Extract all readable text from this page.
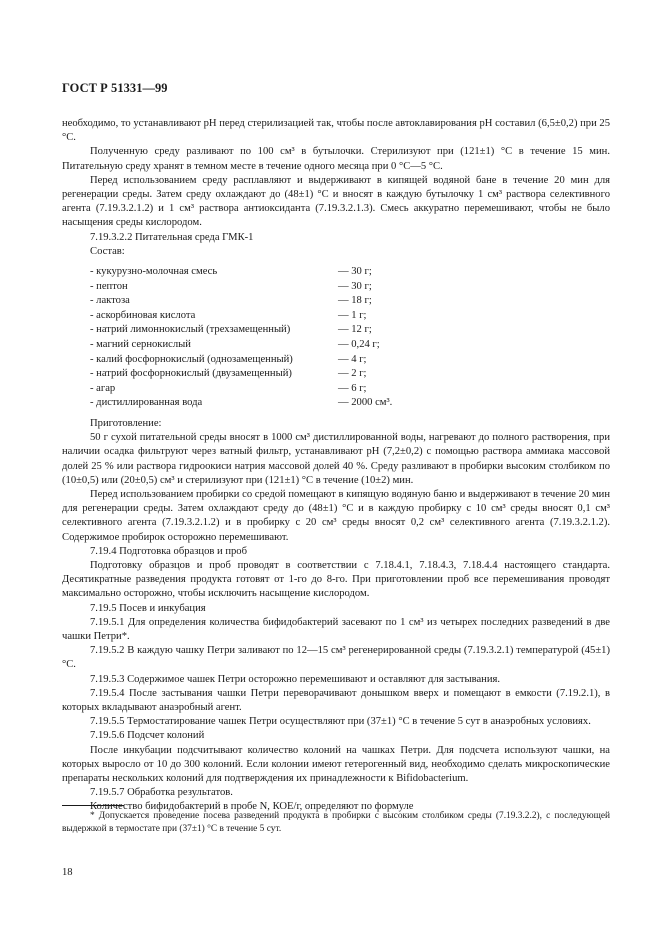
ГОСТ Р 51331—99

необходимо, то устанавливают pH перед стерилизацией так, чтобы после автоклавирования pH составил (6,5±0,2) при 25 °С.

Полученную среду разливают по 100 см³ в бутылочки. Стерилизуют при (121±1) °С в течение 15 мин. Питательную среду хранят в темном месте в течение одного месяца при 0 °С—5 °С.

Перед использованием среду расплавляют и выдерживают в кипящей водяной бане в течение 20 мин для регенерации среды. Затем среду охлаждают до (48±1) °С и вносят в каждую бутылочку 1 см³ раствора селективного агента (7.19.3.2.1.2) и 1 см³ раствора антиоксиданта (7.19.3.2.1.3). Смесь аккуратно перемешивают, чтобы не было насыщения среды кислородом.

7.19.3.2.2 Питательная среда ГМК-1

Состав:

- кукурузно-молочная смесь	— 30 г;
- пептон	— 30 г;
- лактоза	— 18 г;
- аскорбиновая кислота	— 1 г;
- натрий лимоннокислый (трехзамещенный)	— 12 г;
- магний сернокислый	— 0,24 г;
- калий фосфорнокислый (однозамещенный)	— 4 г;
- натрий фосфорнокислый (двузамещенный)	— 2 г;
- агар	— 6 г;
- дистиллированная вода	— 2000 см³.

Приготовление:

50 г сухой питательной среды вносят в 1000 см³ дистиллированной воды, нагревают до полного растворения, при наличии осадка фильтруют через ватный фильтр, устанавливают pH (7,2±0,2) с помощью раствора аммиака массовой долей 25 % или раствора гидроокиси натрия массовой долей 40 %. Среду разливают в пробирки высоким столбиком по (10±0,5) или (20±0,5) см³ и стерилизуют при (121±1) °С в течение (10±2) мин.

Перед использованием пробирки со средой помещают в кипящую водяную баню и выдерживают в течение 20 мин для регенерации среды. Затем охлаждают среду до (48±1) °С и в каждую пробирку с 10 см³ среды вносят 0,1 см³ селективного агента (7.19.3.2.1.2) и в пробирку с 20 см³ среды вносят 0,2 см³ селективного агента (7.19.3.2.1.2). Содержимое пробирок осторожно перемешивают.

7.19.4 Подготовка образцов и проб

Подготовку образцов и проб проводят в соответствии с 7.18.4.1, 7.18.4.3, 7.18.4.4 настоящего стандарта. Десятикратные разведения продукта готовят от 1-го до 8-го. При приготовлении проб все перемешивания проводят максимально осторожно, чтобы исключить насыщение кислородом.

7.19.5 Посев и инкубация

7.19.5.1 Для определения количества бифидобактерий засевают по 1 см³ из четырех последних разведений в две чашки Петри*.

7.19.5.2 В каждую чашку Петри заливают по 12—15 см³ регенерированной среды (7.19.3.2.1) температурой (45±1) °С.

7.19.5.3 Содержимое чашек Петри осторожно перемешивают и оставляют для застывания.

7.19.5.4 После застывания чашки Петри переворачивают донышком вверх и помещают в емкости (7.19.2.1), в которых вкладывают анаэробный агент.

7.19.5.5 Термостатирование чашек Петри осуществляют при (37±1) °С в течение 5 сут в анаэробных условиях.

7.19.5.6 Подсчет колоний

После инкубации подсчитывают количество колоний на чашках Петри. Для подсчета используют чашки, на которых выросло от 10 до 300 колоний. Если колонии имеют гетерогенный вид, необходимо сделать микроскопические препараты нескольких колоний для подтверждения их принадлежности к Bifidobacterium.

7.19.5.7 Обработка результатов.

Количество бифидобактерий в пробе N, КОЕ/г, определяют по формуле

* Допускается проведение посева разведений продукта в пробирки с высоким столбиком среды (7.19.3.2.2), с последующей выдержкой в термостате при (37±1) °С в течение 5 сут.

18
